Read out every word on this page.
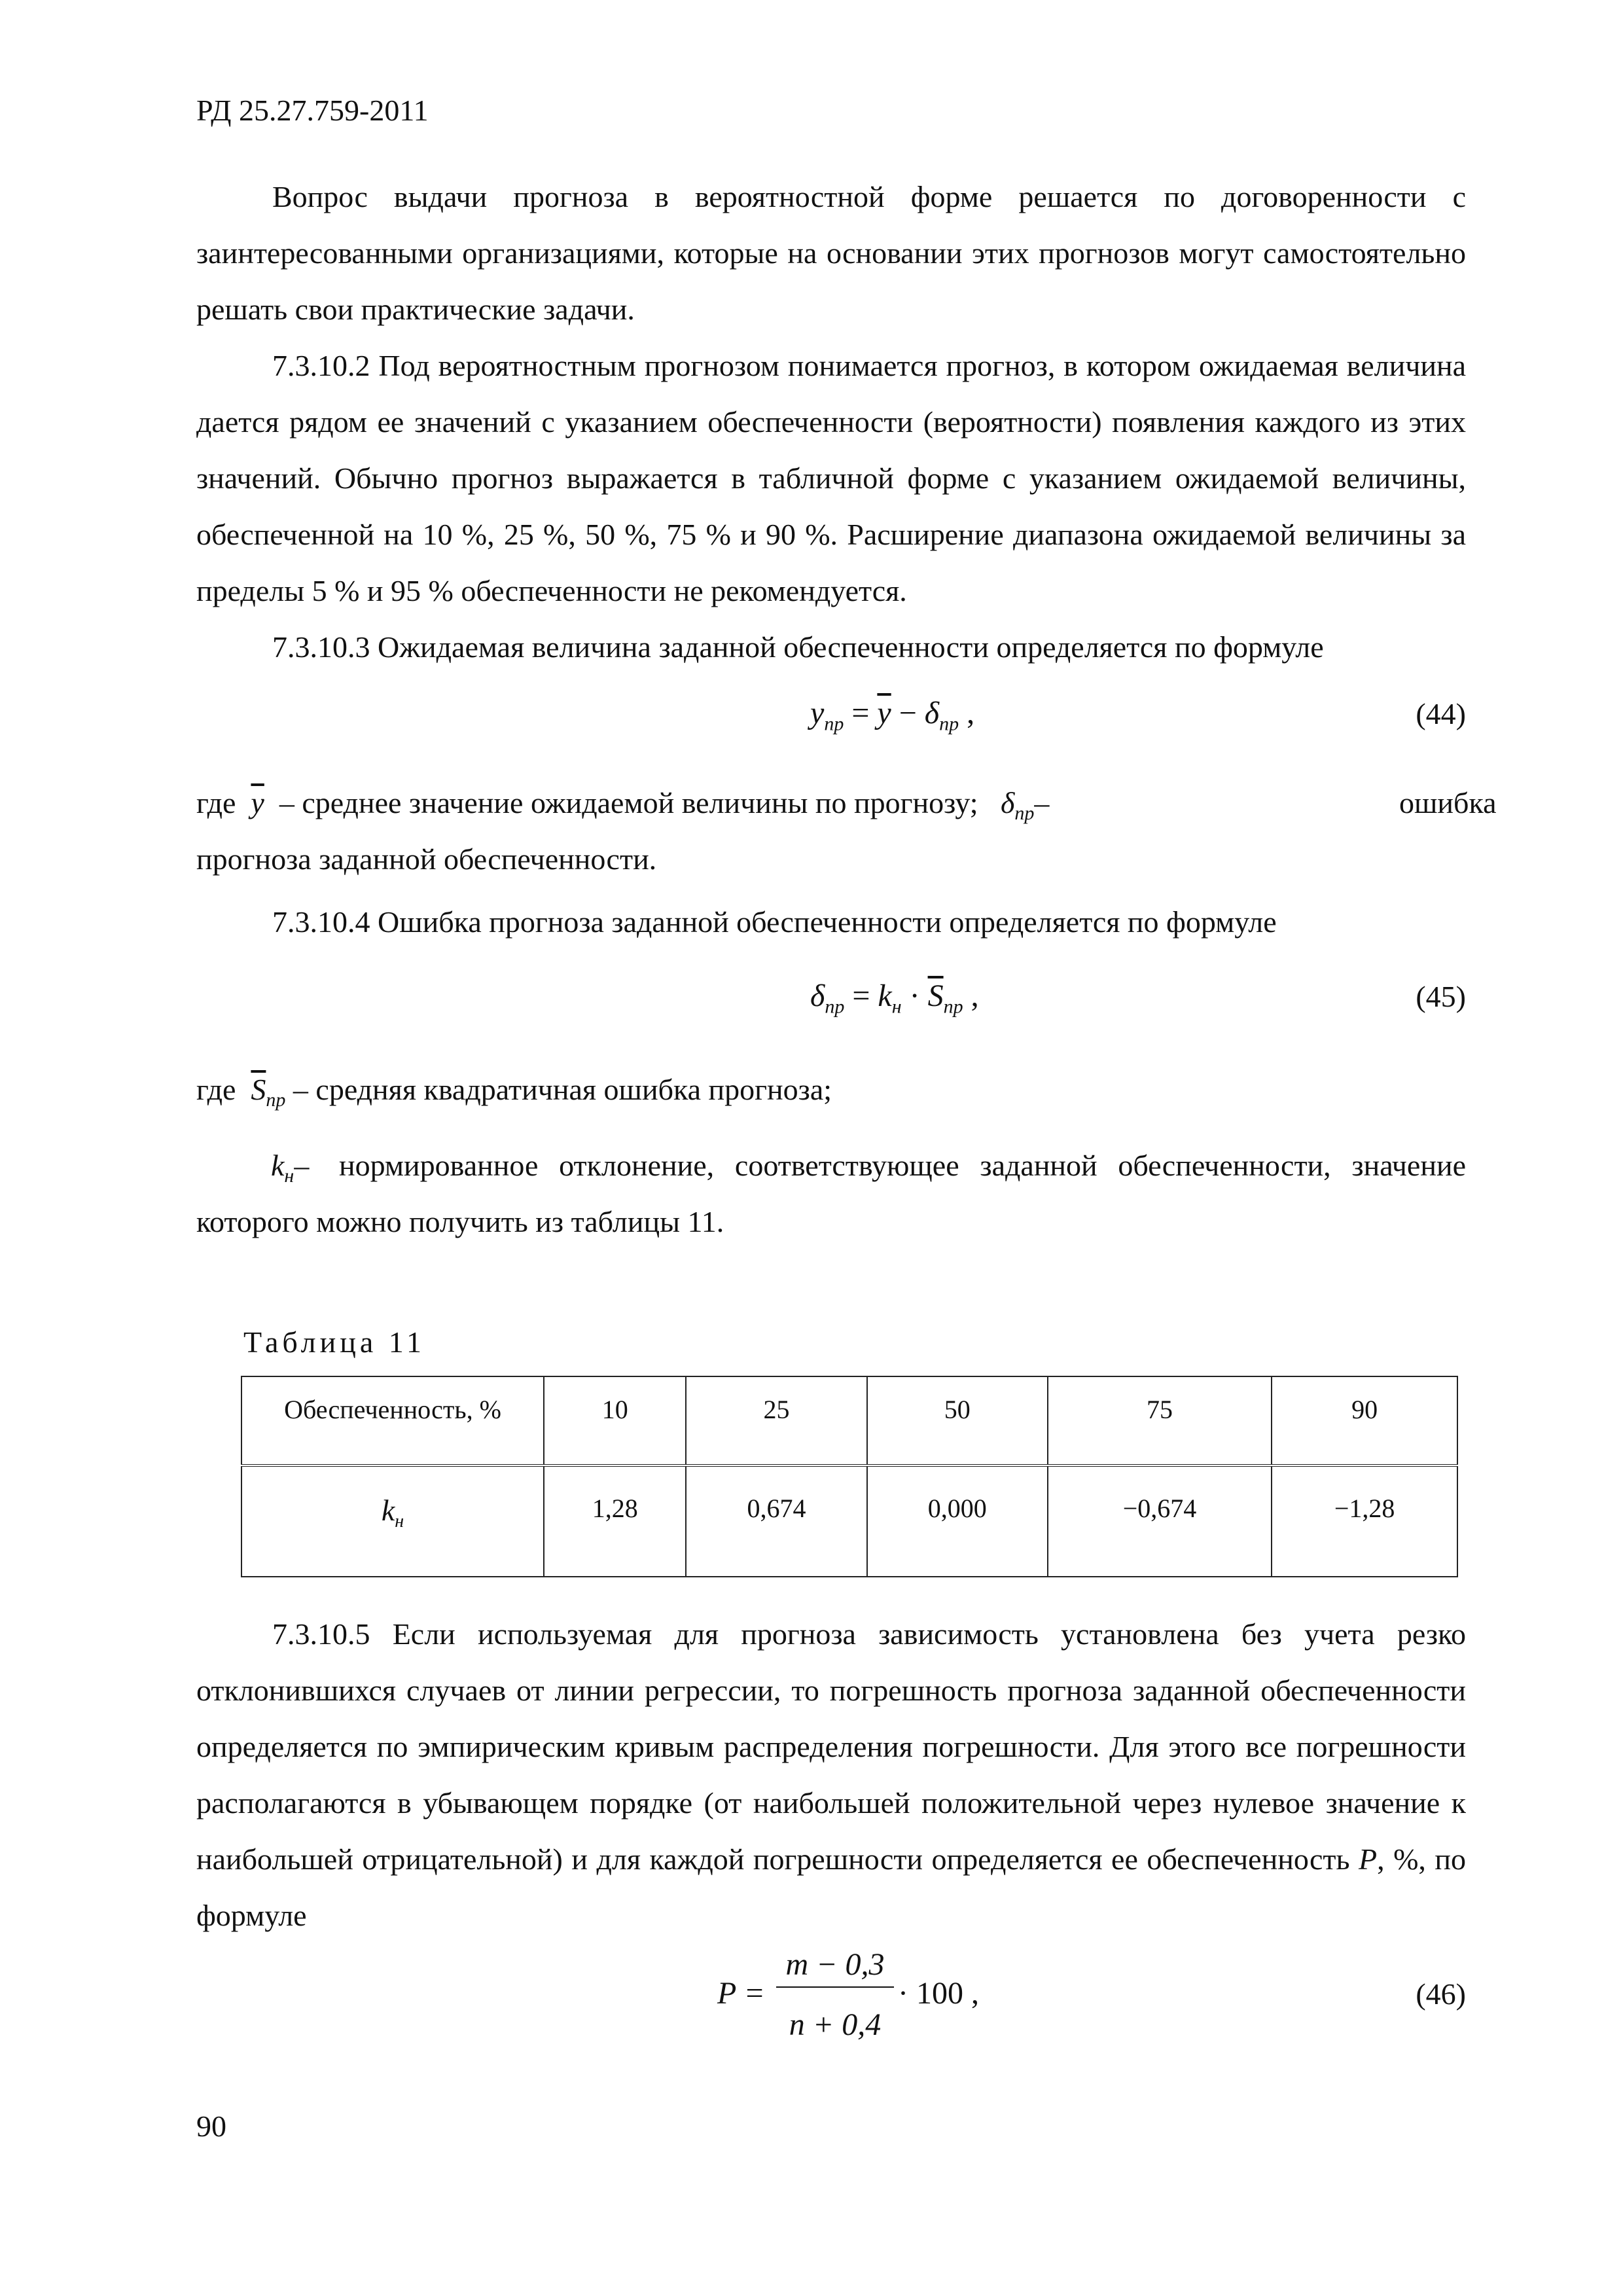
РД 25.27.759-2011

Вопрос выдачи прогноза в вероятностной форме решается по договоренности с заинтересованными организациями, которые на основании этих прогнозов могут самостоятельно решать свои практические задачи.

7.3.10.2 Под вероятностным прогнозом понимается прогноз, в котором ожидаемая величина дается рядом ее значений с указанием обеспеченности (вероятности) появления каждого из этих значений. Обычно прогноз выражается в табличной форме с указанием ожидаемой величины, обеспеченной на 10 %, 25 %, 50 %, 75 % и 90 %. Расширение диапазона ожидаемой величины за пределы 5 % и 95 % обеспеченности не рекомендуется.

7.3.10.3 Ожидаемая величина заданной обеспеченности определяется по формуле

$y_{пр} = \overline{y} - \delta_{пр}$ ,	(44)
где $\overline{y}$ – среднее значение ожидаемой величины по прогнозу; $\delta_{пр}-$	ошибка прогноза заданной обеспеченности.

7.3.10.4 Ошибка прогноза заданной обеспеченности определяется по формуле

$\delta_{пр} = k_н \cdot \overline{S}_{пр}$ ,	(45)
где $\overline{S}_{пр}$ – средняя квадратичная ошибка прогноза;
$k_н-$ нормированное отклонение, соответствующее заданной обеспеченности, значение которого можно получить из таблицы 11.

Таблица 11
Обеспеченность, %	10	25	50	75	90
$k_н$	1,28	0,674	0,000	−0,674	−1,28

7.3.10.5 Если используемая для прогноза зависимость установлена без учета резко отклонившихся случаев от линии регрессии, то погрешность прогноза заданной обеспеченности определяется по эмпирическим кривым распределения погрешности. Для этого все погрешности располагаются в убывающем порядке (от наибольшей положительной через нулевое значение к наибольшей отрицательной) и для каждой погрешности определяется ее обеспеченность P, %, по формуле

P =
m − 0,3
n + 0,4
· 100 ,	(46)
90
